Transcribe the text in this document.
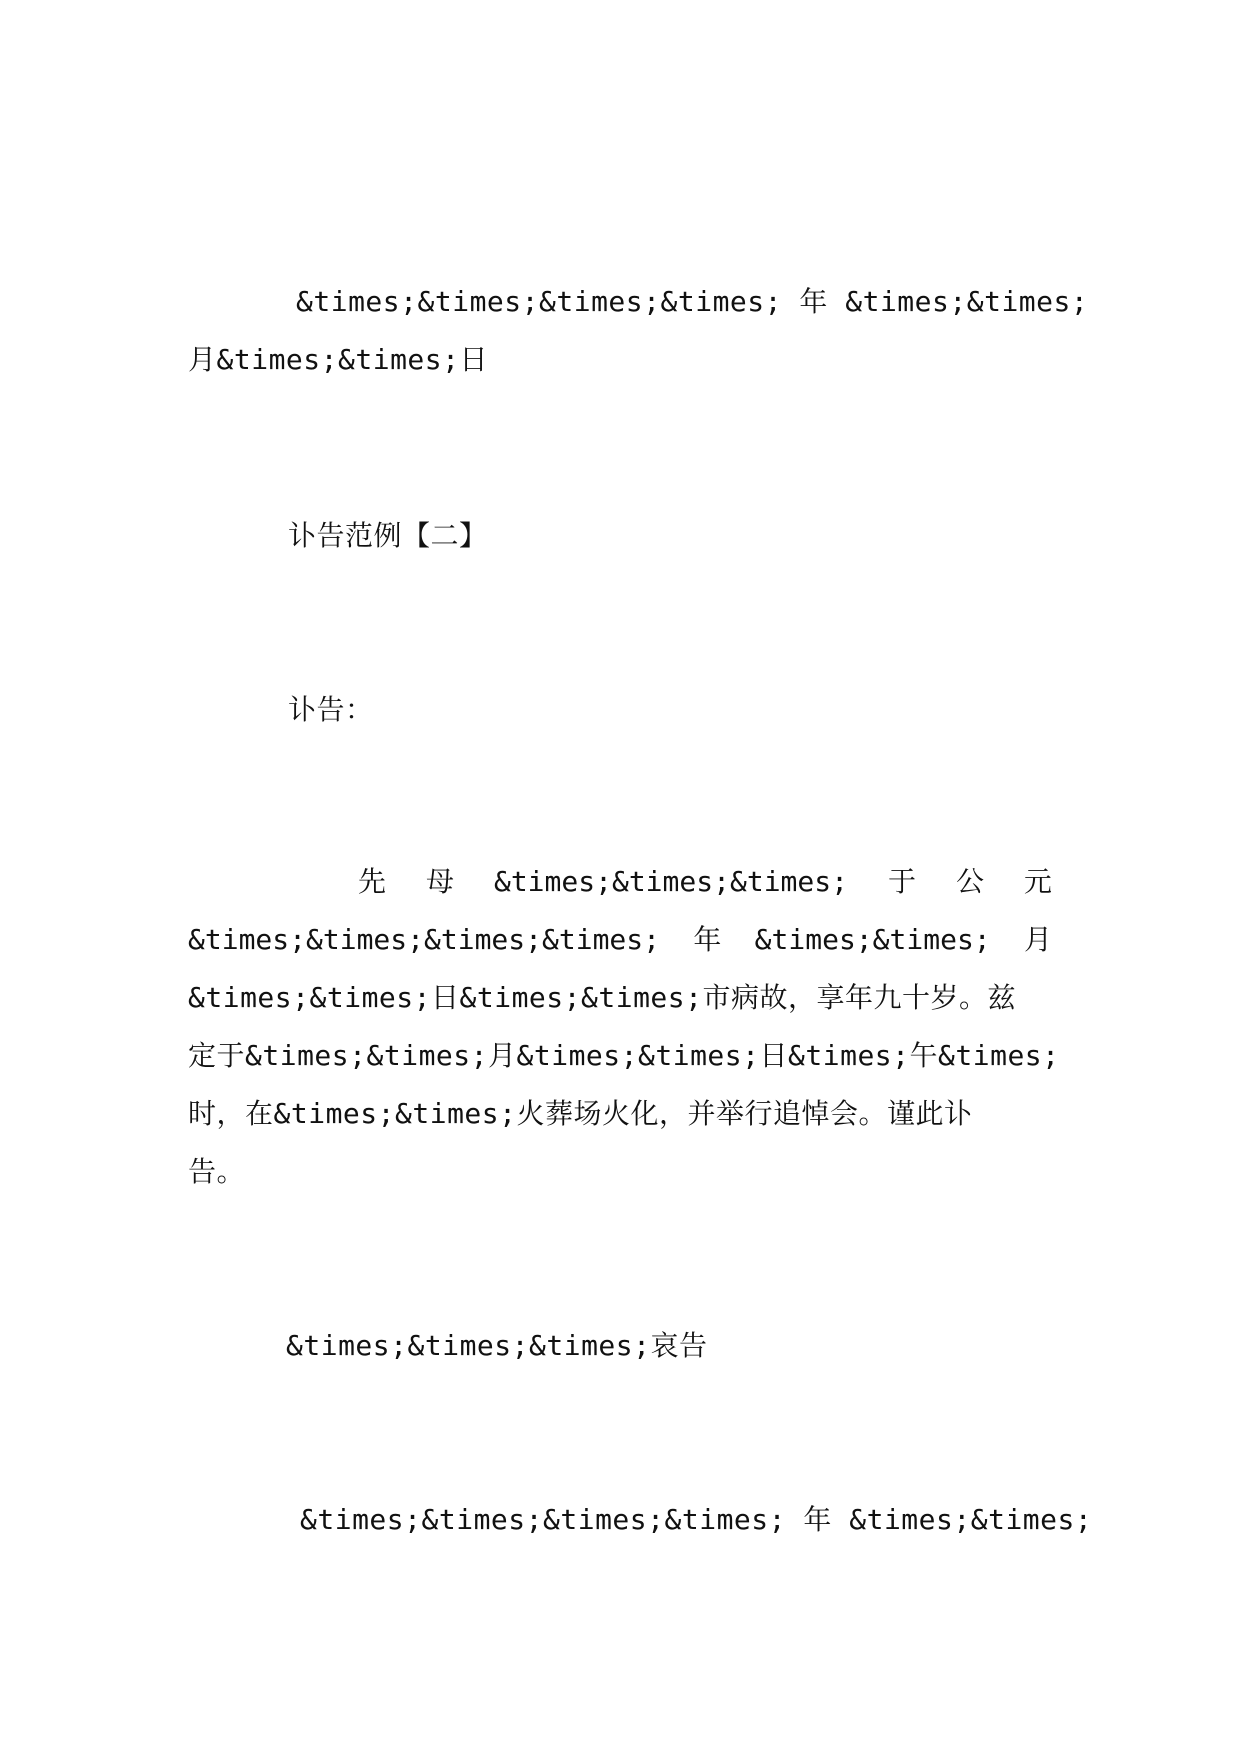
&times;&times;&times;&times; 年 &times;&times;
月&times;&times;日
讣告范例【二】
讣告：
先 母 &times;&times;&times; 于 公 元
&times;&times;&times;&times; 年 &times;&times; 月
&times;&times;日&times;&times;市病故，享年九十岁。兹
定于&times;&times;月&times;&times;日&times;午&times;
时，在&times;&times;火葬场火化，并举行追悼会。谨此讣
告。
&times;&times;&times;哀告
&times;&times;&times;&times; 年 &times;&times;
